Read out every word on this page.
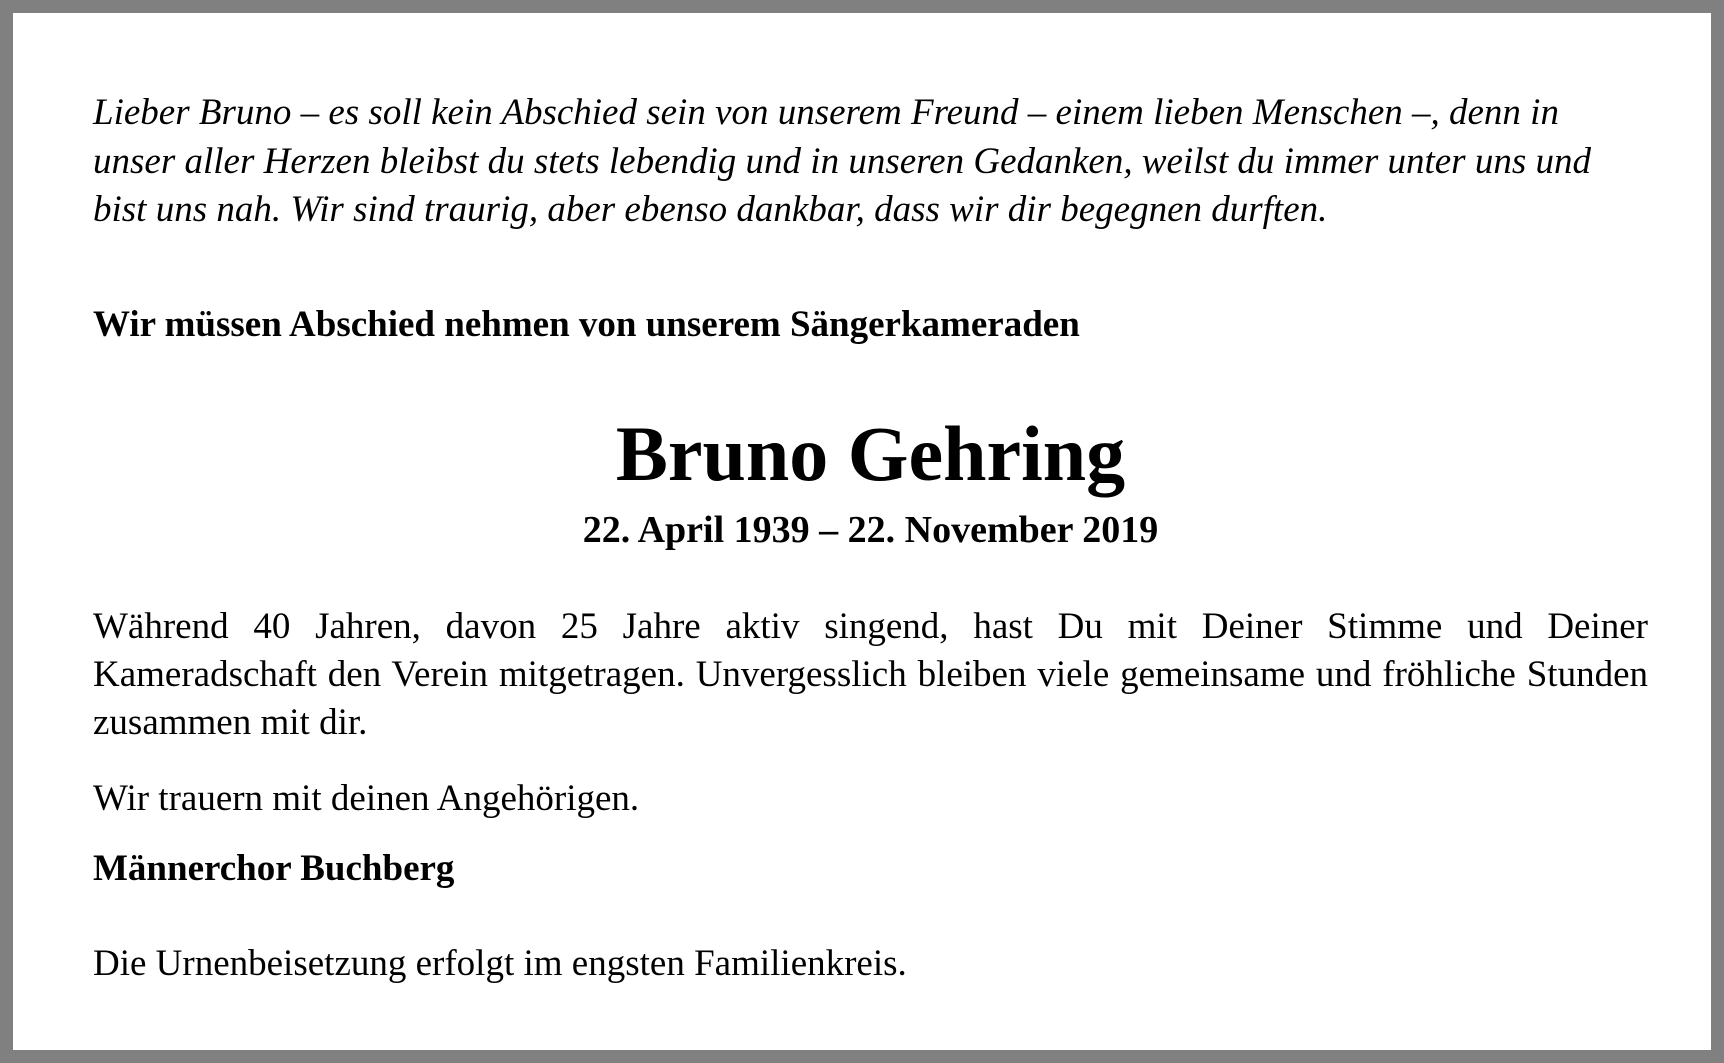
Lieber Bruno – es soll kein Abschied sein von unserem Freund – einem lieben Menschen –, denn in unser aller Herzen bleibst du stets lebendig und in unseren Gedanken, weilst du immer unter uns und bist uns nah. Wir sind traurig, aber ebenso dankbar, dass wir dir begegnen durften.

Wir müssen Abschied nehmen von unserem Sängerkameraden

Bruno Gehring

22. April 1939 – 22. November 2019

Während 40 Jahren, davon 25 Jahre aktiv singend, hast Du mit Deiner Stimme und Deiner Kameradschaft den Verein mitgetragen. Unvergesslich bleiben viele gemeinsame und fröhliche Stunden zusammen mit dir.

Wir trauern mit deinen Angehörigen.

Männerchor Buchberg

Die Urnenbeisetzung erfolgt im engsten Familienkreis.
